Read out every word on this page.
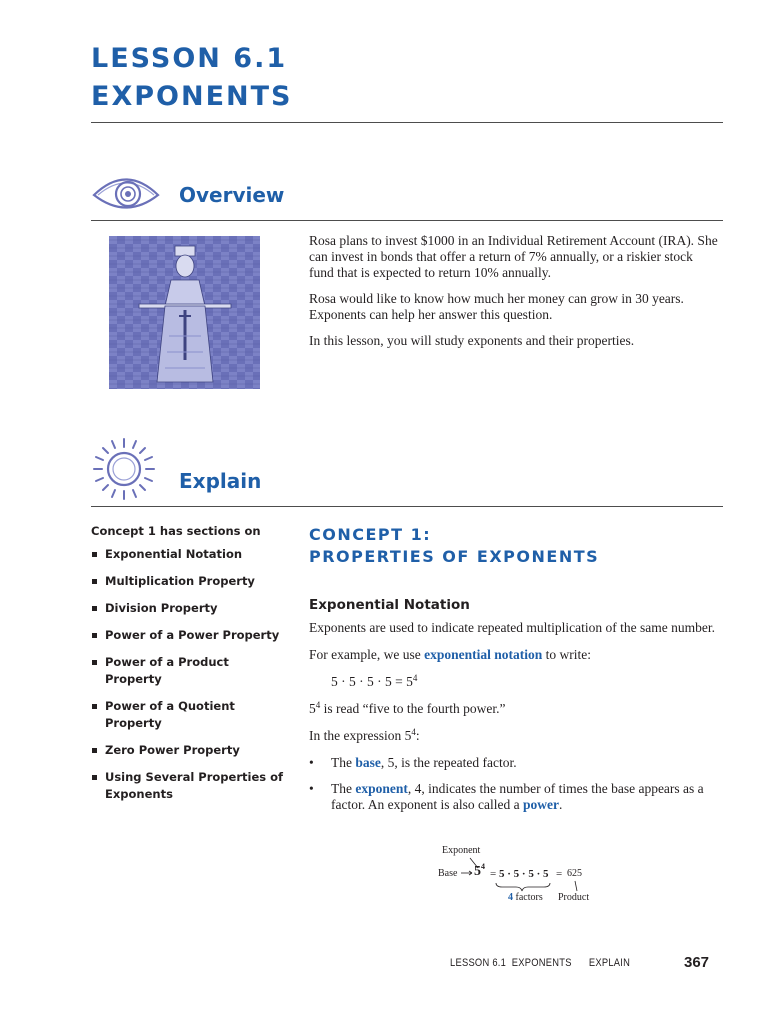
LESSON 6.1
EXPONENTS
Overview

Rosa plans to invest $1000 in an Individual Retirement Account (IRA). She can invest in bonds that offer a return of 7% annually, or a riskier stock fund that is expected to return 10% annually.

Rosa would like to know how much her money can grow in 30 years. Exponents can help her answer this question.

In this lesson, you will study exponents and their properties.

Explain
Concept 1 has sections on
Exponential Notation
Multiplication Property
Division Property
Power of a Power Property
Power of a Product Property
Power of a Quotient Property
Zero Power Property
Using Several Properties of Exponents
CONCEPT 1:
PROPERTIES OF EXPONENTS
Exponential Notation
Exponents are used to indicate repeated multiplication of the same number.
For example, we use exponential notation to write:
$5 \cdot 5 \cdot 5 \cdot 5 = 5^4$
$5^4$ is read “five to the fourth power.”
In the expression $5^4$:
• The base, 5, is the repeated factor.
• The exponent, 4, indicates the number of times the base appears as a factor. An exponent is also called a power.
Exponent
Base $5^4$
= 5 · 5 · 5 · 5 = 625
4 factors Product
LESSON 6.1  EXPONENTS      EXPLAIN	367
